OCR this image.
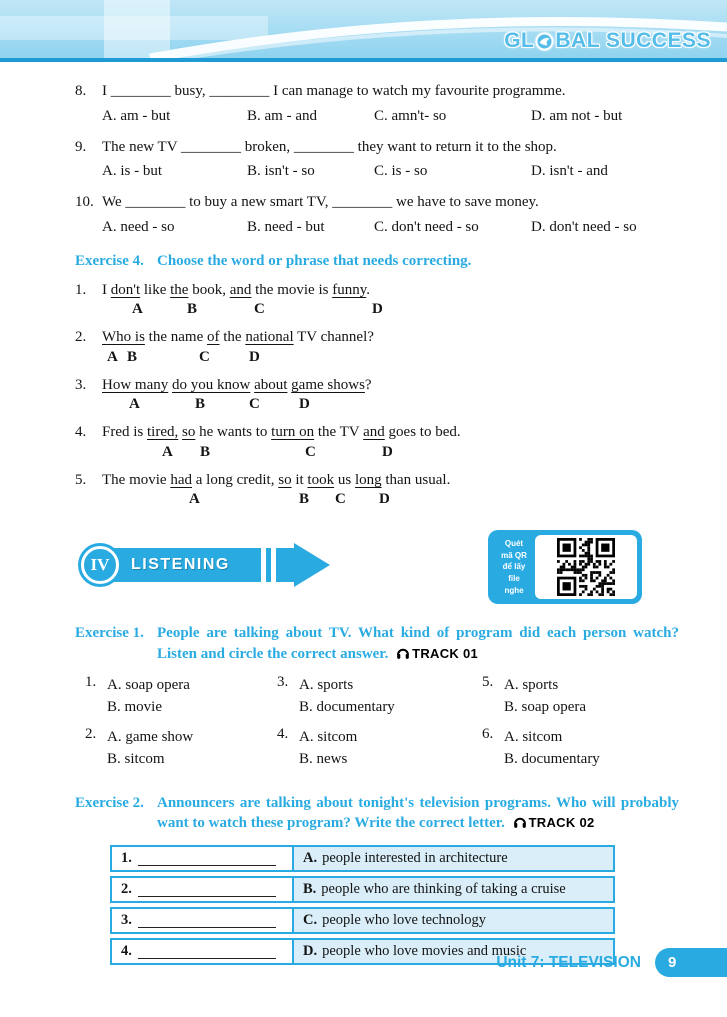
GL BAL SUCCESS
8.	I ________ busy, ________ I can manage to watch my favourite programme.
A. am - but	B. am - and	C. amn't- so	D. am not - but
9.	The new TV ________ broken, ________ they want to return it to the shop.
A. is - but	B. isn't - so	C. is - so	D. isn't - and
10. We ________ to buy a new smart TV, ________ we have to save money.
A. need - so	B. need - but	C. don't need - so	D. don't need - so
Exercise 4. Choose the word or phrase that needs correcting.
1.	I don't like the book, and the movie is funny.
A	B	C	D
2.	Who is the name of the national TV channel?
A B	C	D
3.	How many do you know about game shows?
A	B	C	D
4.	Fred is tired, so he wants to turn on the TV and goes to bed.
A B	C	D
5.	The movie had a long credit, so it took us long than usual.
A	B C D
IV LISTENING
Quét
mã QR
để lấy
file
nghe
Exercise 1. People are talking about TV. What kind of program did each person watch? Listen and circle the correct answer. TRACK 01
1. A. soap opera
B. movie
2. A. game show
B. sitcom
3. A. sports
B. documentary
4. A. sitcom
B. news
5. A. sports
B. soap opera
6. A. sitcom
B. documentary
Exercise 2. Announcers are talking about tonight's television programs. Who will probably want to watch these program? Write the correct letter. TRACK 02
1.	A. people interested in architecture
2.	B. people who are thinking of taking a cruise
3.	C. people who love technology
4.	D. people who love movies and music
Unit 7: TELEVISION 9
